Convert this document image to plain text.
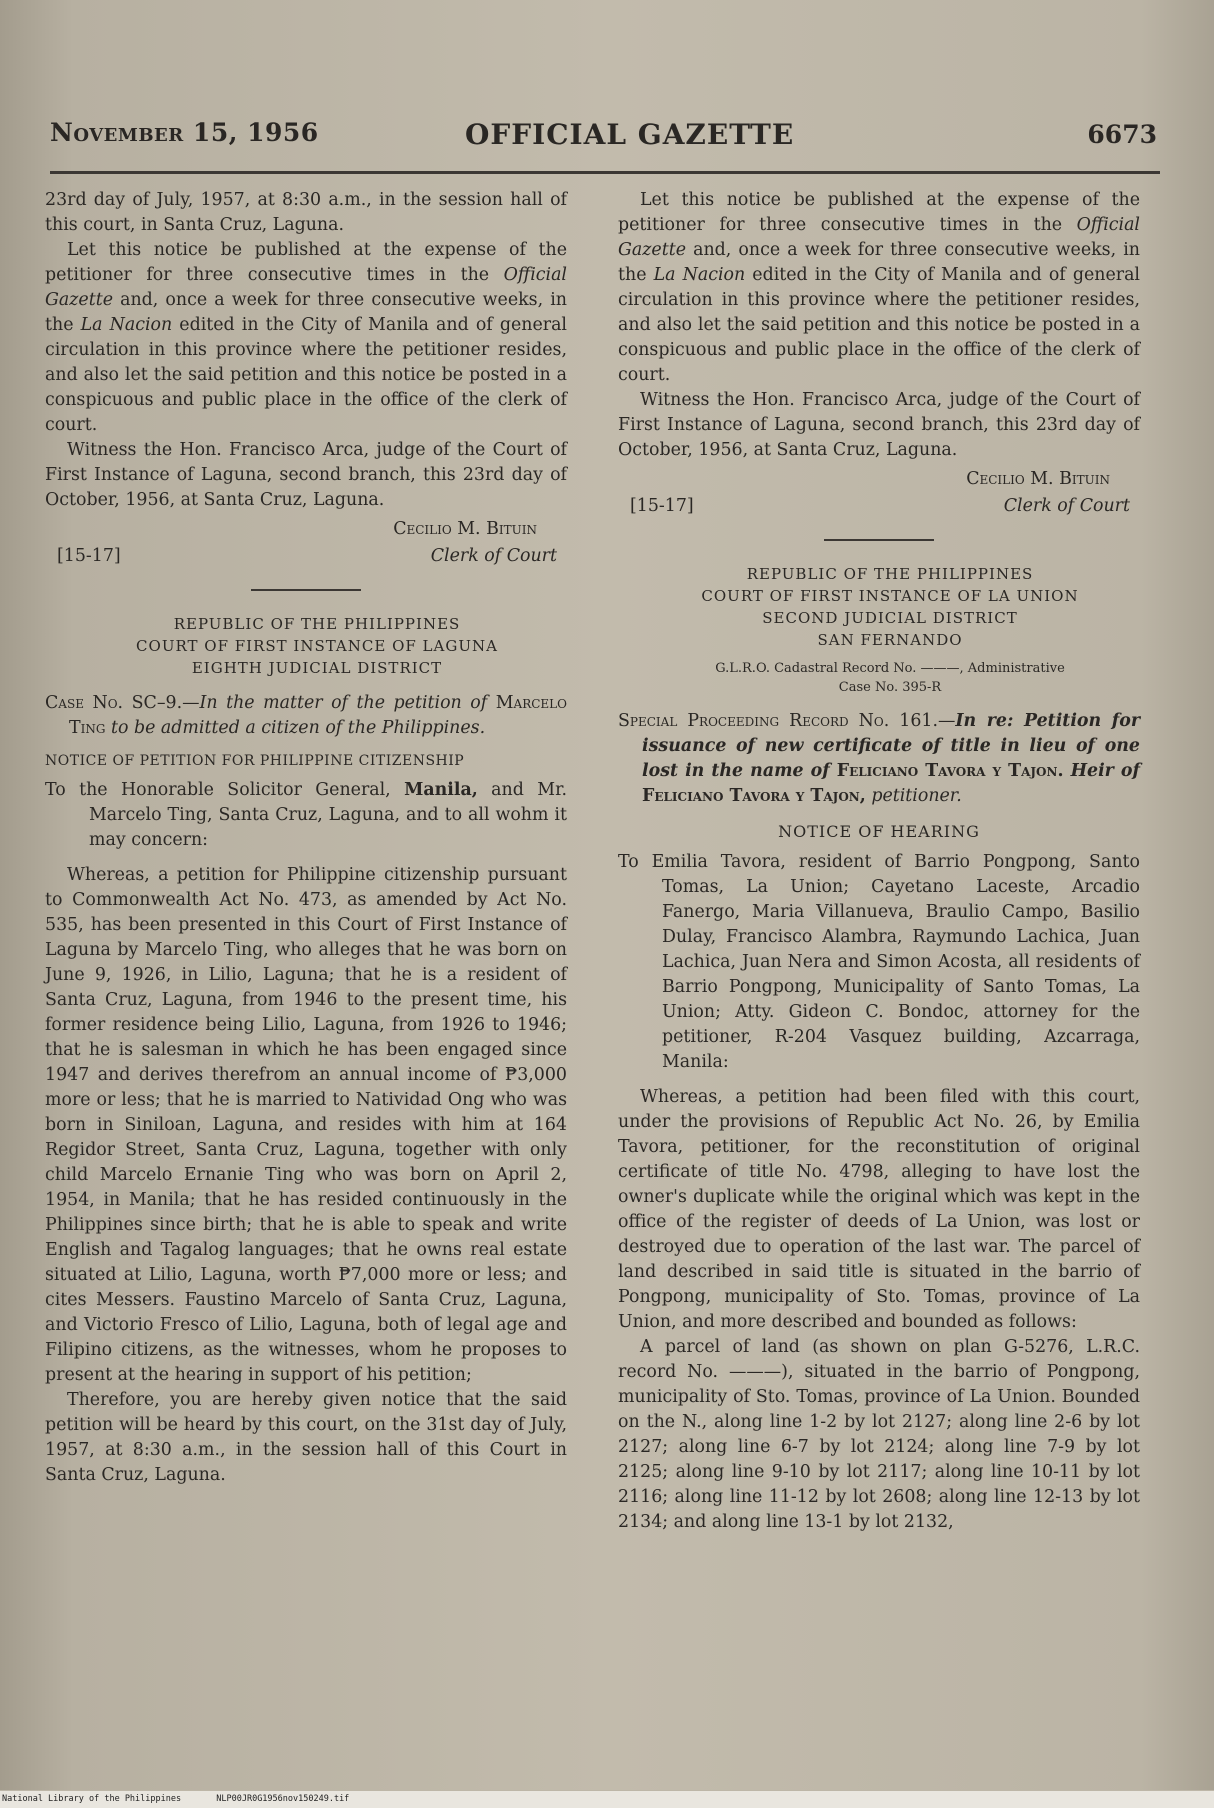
November 15, 1956	OFFICIAL GAZETTE	6673

23rd day of July, 1957, at 8:30 a.m., in the session hall of this court, in Santa Cruz, Laguna.

Let this notice be published at the expense of the petitioner for three consecutive times in the Official Gazette and, once a week for three consecutive weeks, in the La Nacion edited in the City of Manila and of general circulation in this province where the petitioner resides, and also let the said petition and this notice be posted in a conspicuous and public place in the office of the clerk of court.

Witness the Hon. Francisco Arca, judge of the Court of First Instance of Laguna, second branch, this 23rd day of October, 1956, at Santa Cruz, Laguna.

Cecilio M. Bituin
[15-17]	Clerk of Court

REPUBLIC OF THE PHILIPPINES

COURT OF FIRST INSTANCE OF LAGUNA

EIGHTH JUDICIAL DISTRICT

Case No. SC–9.—In the matter of the petition of Marcelo Ting to be admitted a citizen of the Philippines.

NOTICE OF PETITION FOR PHILIPPINE CITIZENSHIP

To the Honorable Solicitor General, Manila, and Mr. Marcelo Ting, Santa Cruz, Laguna, and to all wohm it may concern:

Whereas, a petition for Philippine citizenship pursuant to Commonwealth Act No. 473, as amended by Act No. 535, has been presented in this Court of First Instance of Laguna by Marcelo Ting, who alleges that he was born on June 9, 1926, in Lilio, Laguna; that he is a resident of Santa Cruz, Laguna, from 1946 to the present time, his former residence being Lilio, Laguna, from 1926 to 1946; that he is salesman in which he has been engaged since 1947 and derives therefrom an annual income of ₱3,000 more or less; that he is married to Natividad Ong who was born in Siniloan, Laguna, and resides with him at 164 Regidor Street, Santa Cruz, Laguna, together with only child Marcelo Ernanie Ting who was born on April 2, 1954, in Manila; that he has resided continuously in the Philippines since birth; that he is able to speak and write English and Tagalog languages; that he owns real estate situated at Lilio, Laguna, worth ₱7,000 more or less; and cites Messers. Faustino Marcelo of Santa Cruz, Laguna, and Victorio Fresco of Lilio, Laguna, both of legal age and Filipino citizens, as the witnesses, whom he proposes to present at the hearing in support of his petition;

Therefore, you are hereby given notice that the said petition will be heard by this court, on the 31st day of July, 1957, at 8:30 a.m., in the session hall of this Court in Santa Cruz, Laguna.

Let this notice be published at the expense of the petitioner for three consecutive times in the Official Gazette and, once a week for three consecutive weeks, in the La Nacion edited in the City of Manila and of general circulation in this province where the petitioner resides, and also let the said petition and this notice be posted in a conspicuous and public place in the office of the clerk of court.

Witness the Hon. Francisco Arca, judge of the Court of First Instance of Laguna, second branch, this 23rd day of October, 1956, at Santa Cruz, Laguna.

Cecilio M. Bituin
[15-17]	Clerk of Court

REPUBLIC OF THE PHILIPPINES

COURT OF FIRST INSTANCE OF LA UNION

SECOND JUDICIAL DISTRICT

SAN FERNANDO

G.L.R.O. Cadastral Record No. ———, Administrative

Case No. 395-R

Special Proceeding Record No. 161.—In re: Petition for issuance of new certificate of title in lieu of one lost in the name of Feliciano Tavora y Tajon. Heir of Feliciano Tavora y Tajon, petitioner.

NOTICE OF HEARING

To Emilia Tavora, resident of Barrio Pongpong, Santo Tomas, La Union; Cayetano Laceste, Arcadio Fanergo, Maria Villanueva, Braulio Campo, Basilio Dulay, Francisco Alambra, Raymundo Lachica, Juan Lachica, Juan Nera and Simon Acosta, all residents of Barrio Pongpong, Municipality of Santo Tomas, La Union; Atty. Gideon C. Bondoc, attorney for the petitioner, R-204 Vasquez building, Azcarraga, Manila:

Whereas, a petition had been filed with this court, under the provisions of Republic Act No. 26, by Emilia Tavora, petitioner, for the reconstitution of original certificate of title No. 4798, alleging to have lost the owner's duplicate while the original which was kept in the office of the register of deeds of La Union, was lost or destroyed due to operation of the last war. The parcel of land described in said title is situated in the barrio of Pongpong, municipality of Sto. Tomas, province of La Union, and more described and bounded as follows:

A parcel of land (as shown on plan G-5276, L.R.C. record No. ———), situated in the barrio of Pongpong, municipality of Sto. Tomas, province of La Union. Bounded on the N., along line 1-2 by lot 2127; along line 2-6 by lot 2127; along line 6-7 by lot 2124; along line 7-9 by lot 2125; along line 9-10 by lot 2117; along line 10-11 by lot 2116; along line 11-12 by lot 2608; along line 12-13 by lot 2134; and along line 13-1 by lot 2132,

National Library of the Philippines	NLP00JR0G1956nov150249.tif
